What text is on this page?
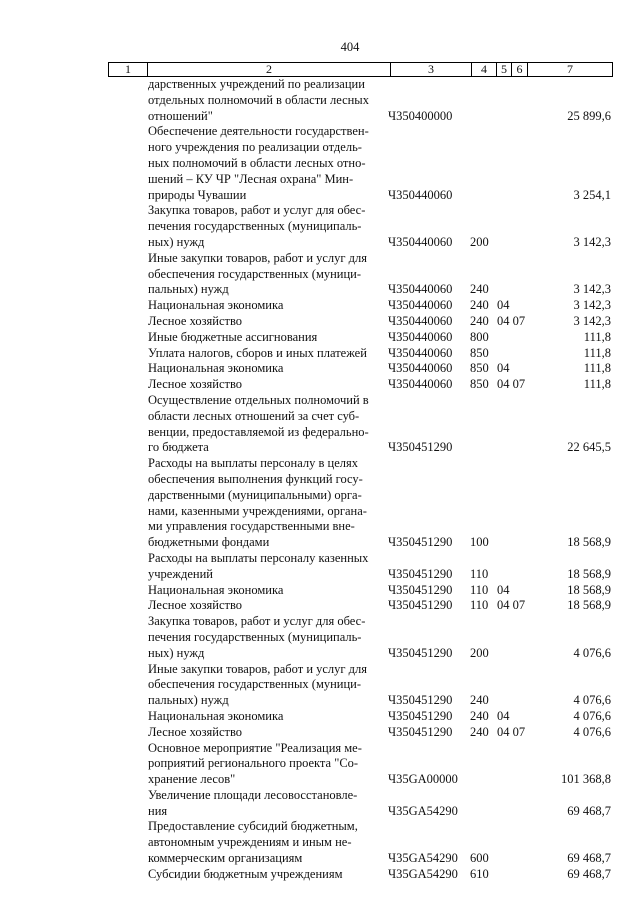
404
1	2	3	4	5	6	7
дарственных учреждений по реализации
отдельных полномочий в области лесных
отношений"	Ч350400000	25 899,6
Обеспечение деятельности государствен-
ного учреждения по реализации отдель-
ных полномочий в области лесных отно-
шений – КУ ЧР "Лесная охрана" Мин-
природы Чувашии	Ч350440060	3 254,1
Закупка товаров, работ и услуг для обес-
печения государственных (муниципаль-
ных) нужд	Ч350440060 200	3 142,3
Иные закупки товаров, работ и услуг для
обеспечения государственных (муници-
пальных) нужд	Ч350440060 240	3 142,3
Национальная экономика	Ч350440060 240 04	3 142,3
Лесное хозяйство	Ч350440060 240 04 07	3 142,3
Иные бюджетные ассигнования	Ч350440060 800	111,8
Уплата налогов, сборов и иных платежей	Ч350440060 850	111,8
Национальная экономика	Ч350440060 850 04	111,8
Лесное хозяйство	Ч350440060 850 04 07	111,8
Осуществление отдельных полномочий в
области лесных отношений за счет суб-
венции, предоставляемой из федерально-
го бюджета	Ч350451290	22 645,5
Расходы на выплаты персоналу в целях
обеспечения выполнения функций госу-
дарственными (муниципальными) орга-
нами, казенными учреждениями, органа-
ми управления государственными вне-
бюджетными фондами	Ч350451290 100	18 568,9
Расходы на выплаты персоналу казенных
учреждений	Ч350451290 110	18 568,9
Национальная экономика	Ч350451290 110 04	18 568,9
Лесное хозяйство	Ч350451290 110 04 07	18 568,9
Закупка товаров, работ и услуг для обес-
печения государственных (муниципаль-
ных) нужд	Ч350451290 200	4 076,6
Иные закупки товаров, работ и услуг для
обеспечения государственных (муници-
пальных) нужд	Ч350451290 240	4 076,6
Национальная экономика	Ч350451290 240 04	4 076,6
Лесное хозяйство	Ч350451290 240 04 07	4 076,6
Основное мероприятие "Реализация ме-
роприятий регионального проекта "Со-
хранение лесов"	Ч35GA00000	101 368,8
Увеличение площади лесовосстановле-
ния	Ч35GA54290	69 468,7
Предоставление субсидий бюджетным,
автономным учреждениям и иным не-
коммерческим организациям	Ч35GA54290 600	69 468,7
Субсидии бюджетным учреждениям	Ч35GA54290 610	69 468,7
